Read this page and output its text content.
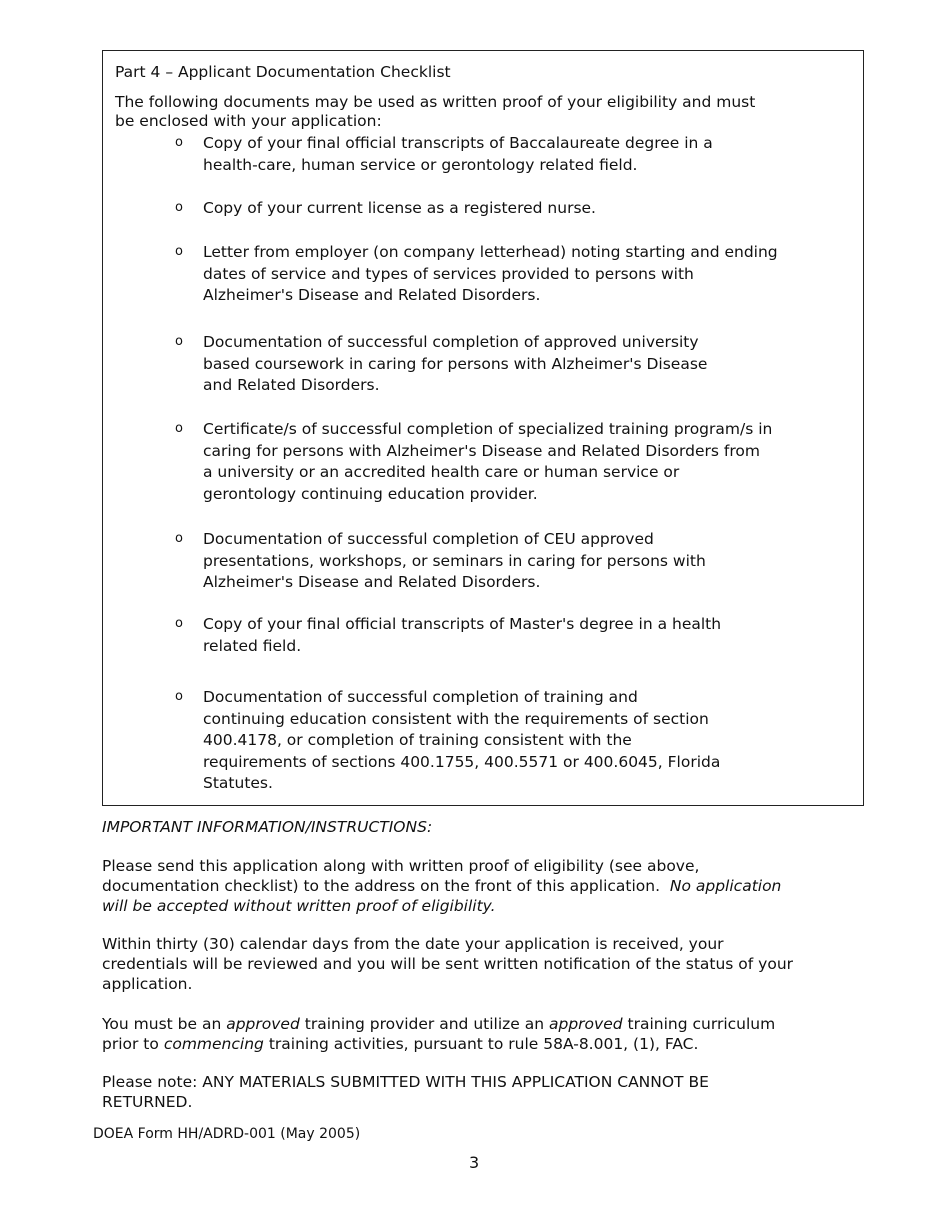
Part 4 – Applicant Documentation Checklist
The following documents may be used as written proof of your eligibility and must
be enclosed with your application:
o Copy of your final official transcripts of Baccalaureate degree in a
health-care, human service or gerontology related field.
o Copy of your current license as a registered nurse.
o Letter from employer (on company letterhead) noting starting and ending
dates of service and types of services provided to persons with
Alzheimer's Disease and Related Disorders.
o Documentation of successful completion of approved university
based coursework in caring for persons with Alzheimer's Disease
and Related Disorders.
o Certificate/s of successful completion of specialized training program/s in
caring for persons with Alzheimer's Disease and Related Disorders from
a university or an accredited health care or human service or
gerontology continuing education provider.
o Documentation of successful completion of CEU approved
presentations, workshops, or seminars in caring for persons with
Alzheimer's Disease and Related Disorders.
o Copy of your final official transcripts of Master's degree in a health
related field.
o Documentation of successful completion of training and
continuing education consistent with the requirements of section
400.4178, or completion of training consistent with the
requirements of sections 400.1755, 400.5571 or 400.6045, Florida
Statutes.
IMPORTANT INFORMATION/INSTRUCTIONS:
Please send this application along with written proof of eligibility (see above,
documentation checklist) to the address on the front of this application. No application
will be accepted without written proof of eligibility.
Within thirty (30) calendar days from the date your application is received, your
credentials will be reviewed and you will be sent written notification of the status of your
application.
You must be an approved training provider and utilize an approved training curriculum
prior to commencing training activities, pursuant to rule 58A-8.001, (1), FAC.
Please note: ANY MATERIALS SUBMITTED WITH THIS APPLICATION CANNOT BE
RETURNED.
DOEA Form HH/ADRD-001 (May 2005)
3
